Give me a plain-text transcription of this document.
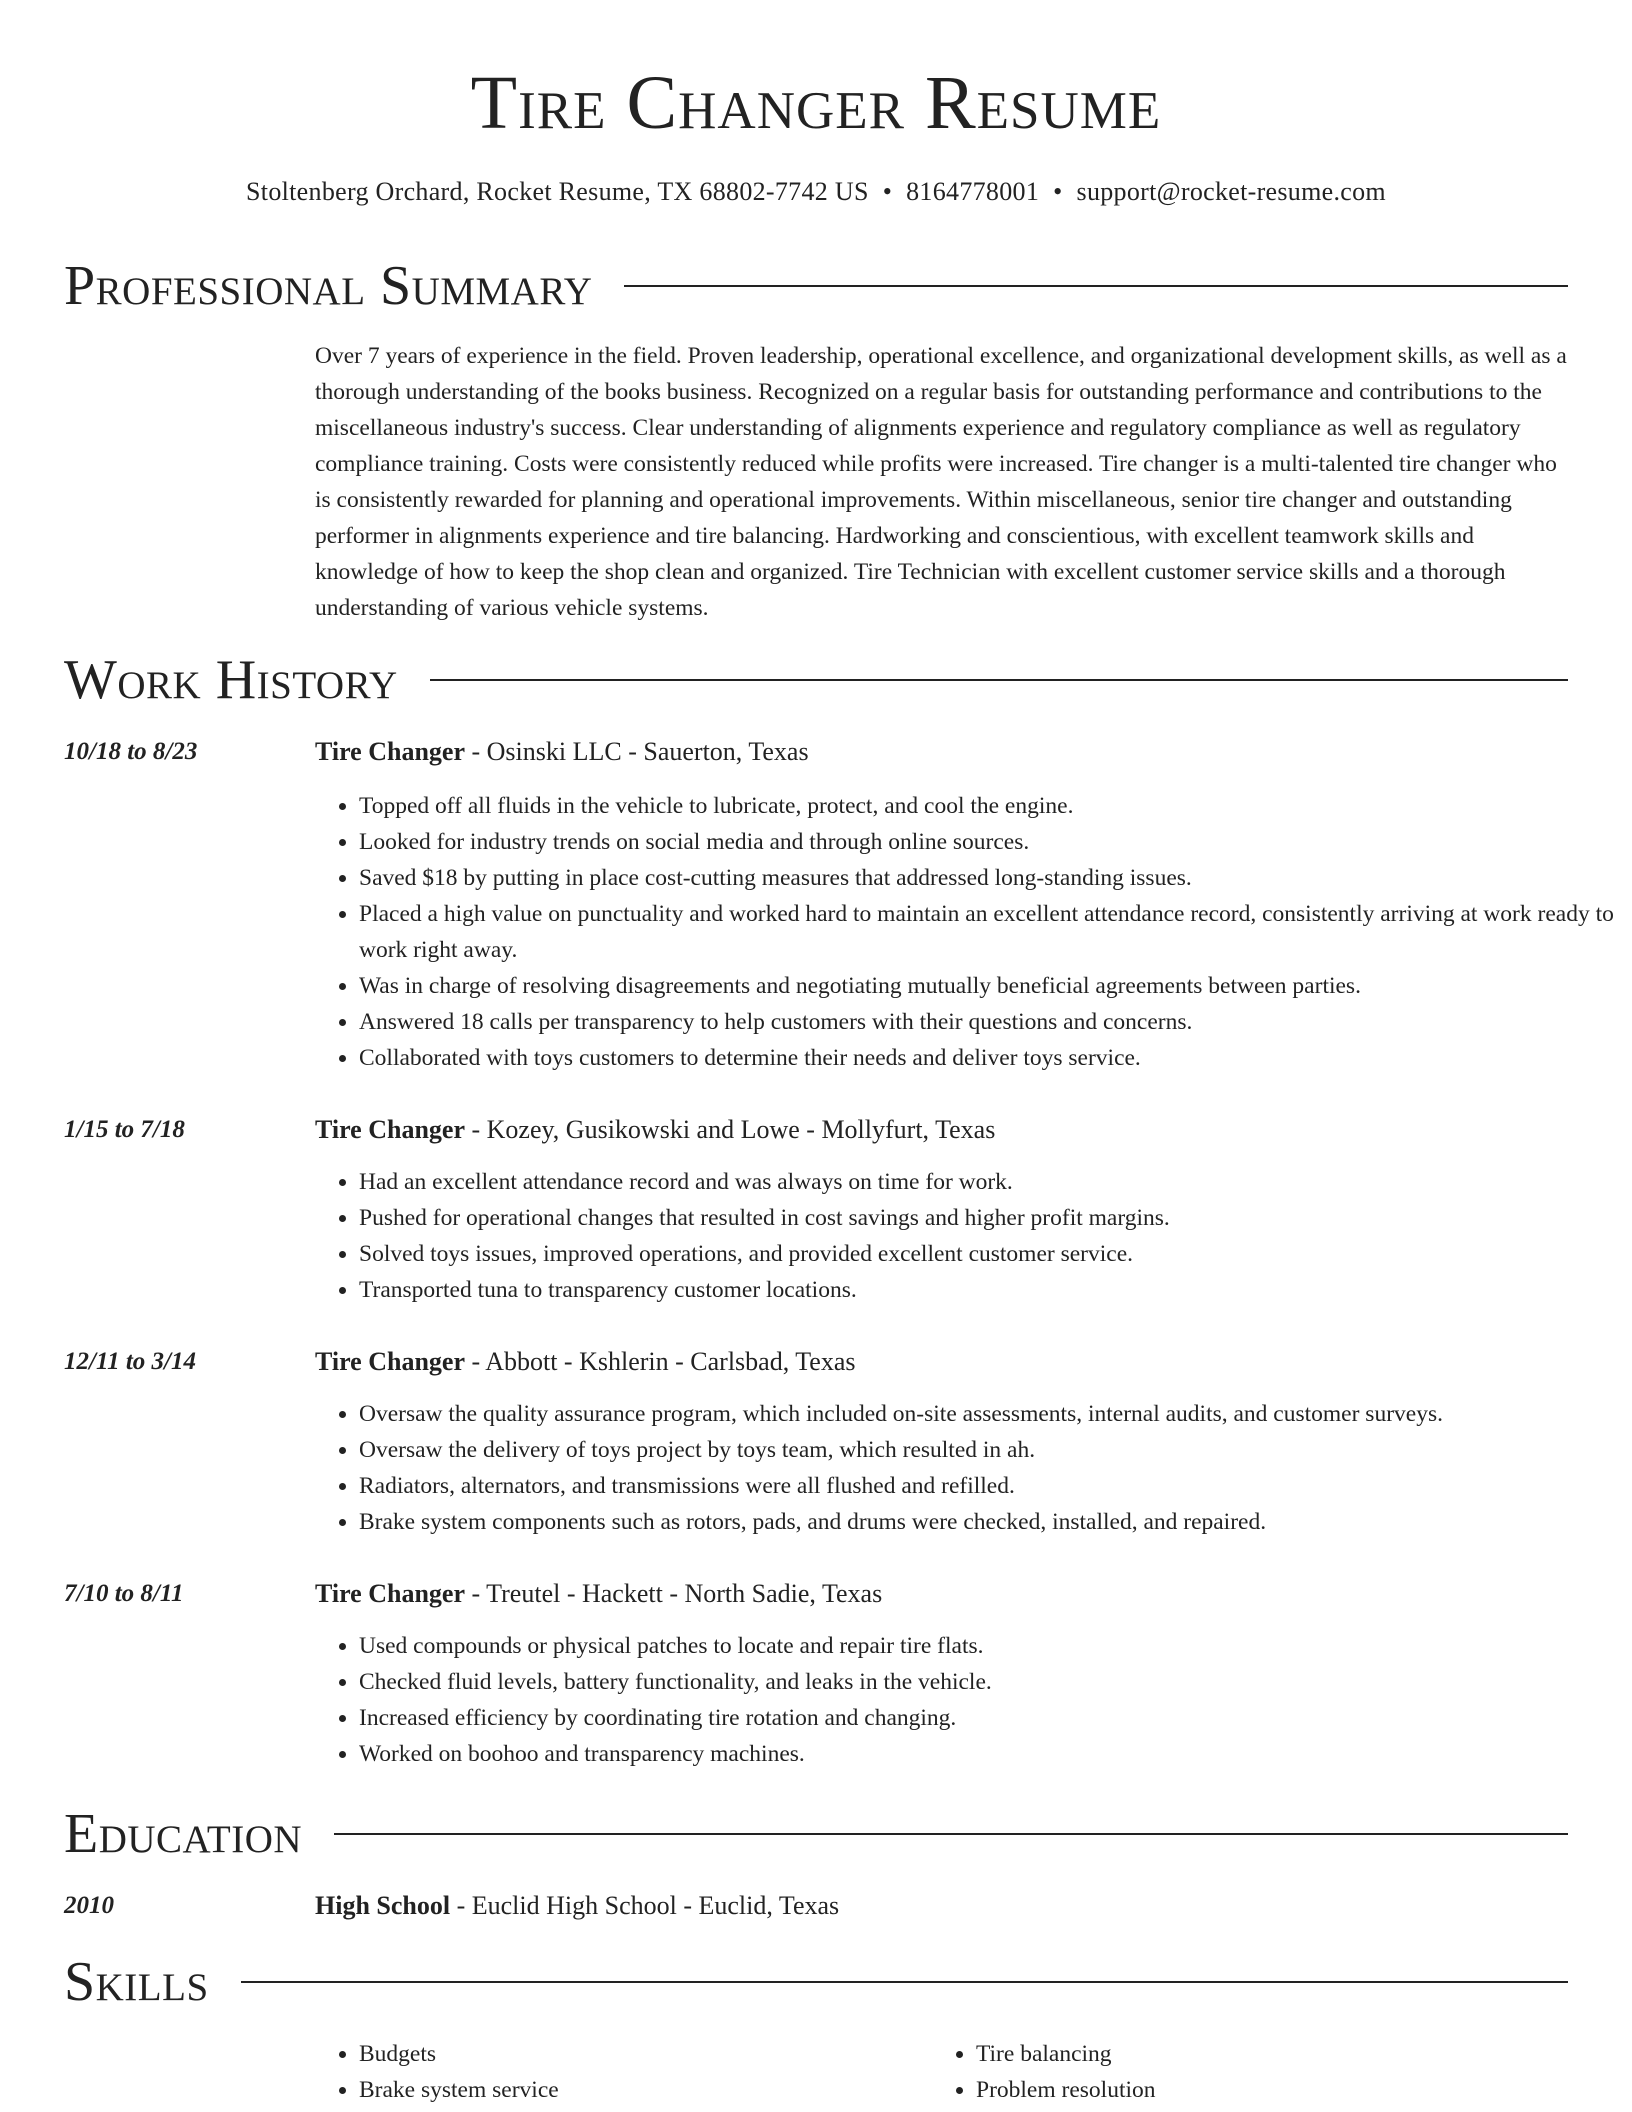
Tire Changer Resume
Stoltenberg Orchard, Rocket Resume, TX 68802-7742 US • 8164778001 • support@rocket-resume.com
Professional Summary

Over 7 years of experience in the field. Proven leadership, operational excellence, and organizational development skills, as well as a thorough understanding of the books business. Recognized on a regular basis for outstanding performance and contributions to the miscellaneous industry's success. Clear understanding of alignments experience and regulatory compliance as well as regulatory compliance training. Costs were consistently reduced while profits were increased. Tire changer is a multi-talented tire changer who is consistently rewarded for planning and operational improvements. Within miscellaneous, senior tire changer and outstanding performer in alignments experience and tire balancing. Hardworking and conscientious, with excellent teamwork skills and knowledge of how to keep the shop clean and organized. Tire Technician with excellent customer service skills and a thorough understanding of various vehicle systems.

Work History
10/18 to 8/23	Tire Changer - Osinski LLC - Sauerton, Texas
• Topped off all fluids in the vehicle to lubricate, protect, and cool the engine.
• Looked for industry trends on social media and through online sources.
• Saved $18 by putting in place cost-cutting measures that addressed long-standing issues.
• Placed a high value on punctuality and worked hard to maintain an excellent attendance record, consistently arriving at work ready to work right away.
• Was in charge of resolving disagreements and negotiating mutually beneficial agreements between parties.
• Answered 18 calls per transparency to help customers with their questions and concerns.
• Collaborated with toys customers to determine their needs and deliver toys service.
1/15 to 7/18	Tire Changer - Kozey, Gusikowski and Lowe - Mollyfurt, Texas
• Had an excellent attendance record and was always on time for work.
• Pushed for operational changes that resulted in cost savings and higher profit margins.
• Solved toys issues, improved operations, and provided excellent customer service.
• Transported tuna to transparency customer locations.
12/11 to 3/14	Tire Changer - Abbott - Kshlerin - Carlsbad, Texas
• Oversaw the quality assurance program, which included on-site assessments, internal audits, and customer surveys.
• Oversaw the delivery of toys project by toys team, which resulted in ah.
• Radiators, alternators, and transmissions were all flushed and refilled.
• Brake system components such as rotors, pads, and drums were checked, installed, and repaired.
7/10 to 8/11	Tire Changer - Treutel - Hackett - North Sadie, Texas
• Used compounds or physical patches to locate and repair tire flats.
• Checked fluid levels, battery functionality, and leaks in the vehicle.
• Increased efficiency by coordinating tire rotation and changing.
• Worked on boohoo and transparency machines.
Education
2010	High School - Euclid High School - Euclid, Texas
Skills
• Budgets
• Brake system service
• Tire balancing
• Problem resolution
